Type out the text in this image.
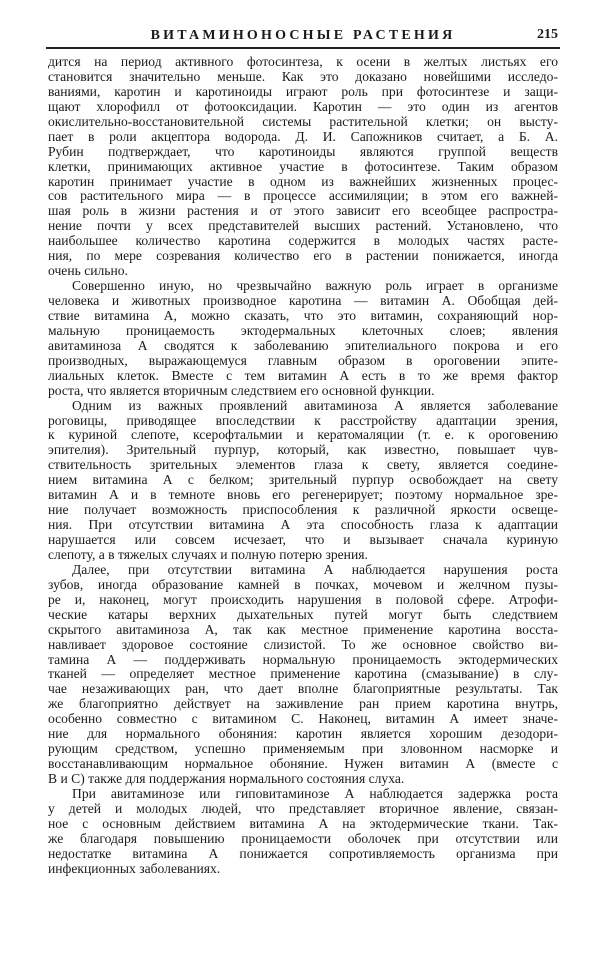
ВИТАМИНОНОСНЫЕ РАСТЕНИЯ	215
дится на период активного фотосинтеза, к осени в желтых листьях его
становится значительно меньше. Как это доказано новейшими исследо-
ваниями, каротин и каротиноиды играют роль при фотосинтезе и защи-
щают хлорофилл от фотооксидации. Каротин — это один из агентов
окислительно-восстановительной системы растительной клетки; он высту-
пает в роли акцептора водорода. Д. И. Сапожников считает, а Б. А.
Рубин подтверждает, что каротиноиды являются группой веществ
клетки, принимающих активное участие в фотосинтезе. Таким образом
каротин принимает участие в одном из важнейших жизненных процес-
сов растительного мира — в процессе ассимиляции; в этом его важней-
шая роль в жизни растения и от этого зависит его всеобщее распростра-
нение почти у всех представителей высших растений. Установлено, что
наибольшее количество каротина содержится в молодых частях расте-
ния, по мере созревания количество его в растении понижается, иногда
очень сильно.
Совершенно иную, но чрезвычайно важную роль играет в организме
человека и животных производное каротина — витамин А. Обобщая дей-
ствие витамина А, можно сказать, что это витамин, сохраняющий нор-
мальную проницаемость эктодермальных клеточных слоев; явления
авитаминоза А сводятся к заболеванию эпителиального покрова и его
производных, выражающемуся главным образом в ороговении эпите-
лиальных клеток. Вместе с тем витамин А есть в то же время фактор
роста, что является вторичным следствием его основной функции.
Одним из важных проявлений авитаминоза А является заболевание
роговицы, приводящее впоследствии к расстройству адаптации зрения,
к куриной слепоте, ксерофтальмии и кератомаляции (т. е. к ороговению
эпителия). Зрительный пурпур, который, как известно, повышает чув-
ствительность зрительных элементов глаза к свету, является соедине-
нием витамина А с белком; зрительный пурпур освобождает на свету
витамин А и в темноте вновь его регенерирует; поэтому нормальное зре-
ние получает возможность приспособления к различной яркости освеще-
ния. При отсутствии витамина А эта способность глаза к адаптации
нарушается или совсем исчезает, что и вызывает сначала куриную
слепоту, а в тяжелых случаях и полную потерю зрения.
Далее, при отсутствии витамина А наблюдается нарушения роста
зубов, иногда образование камней в почках, мочевом и желчном пузы-
ре и, наконец, могут происходить нарушения в половой сфере. Атрофи-
ческие катары верхних дыхательных путей могут быть следствием
скрытого авитаминоза А, так как местное применение каротина восста-
навливает здоровое состояние слизистой. То же основное свойство ви-
тамина А — поддерживать нормальную проницаемость эктодермических
тканей — определяет местное применение каротина (смазывание) в слу-
чае незаживающих ран, что дает вполне благоприятные результаты. Так
же благоприятно действует на заживление ран прием каротина внутрь,
особенно совместно с витамином С. Наконец, витамин А имеет значе-
ние для нормального обоняния: каротин является хорошим дезодори-
рующим средством, успешно применяемым при зловонном насморке и
восстанавливающим нормальное обоняние. Нужен витамин А (вместе с
В и С) также для поддержания нормального состояния слуха.
При авитаминозе или гиповитаминозе А наблюдается задержка роста
у детей и молодых людей, что представляет вторичное явление, связан-
ное с основным действием витамина А на эктодермические ткани. Так-
же благодаря повышению проницаемости оболочек при отсутствии или
недостатке витамина А понижается сопротивляемость организма при
инфекционных заболеваниях.
